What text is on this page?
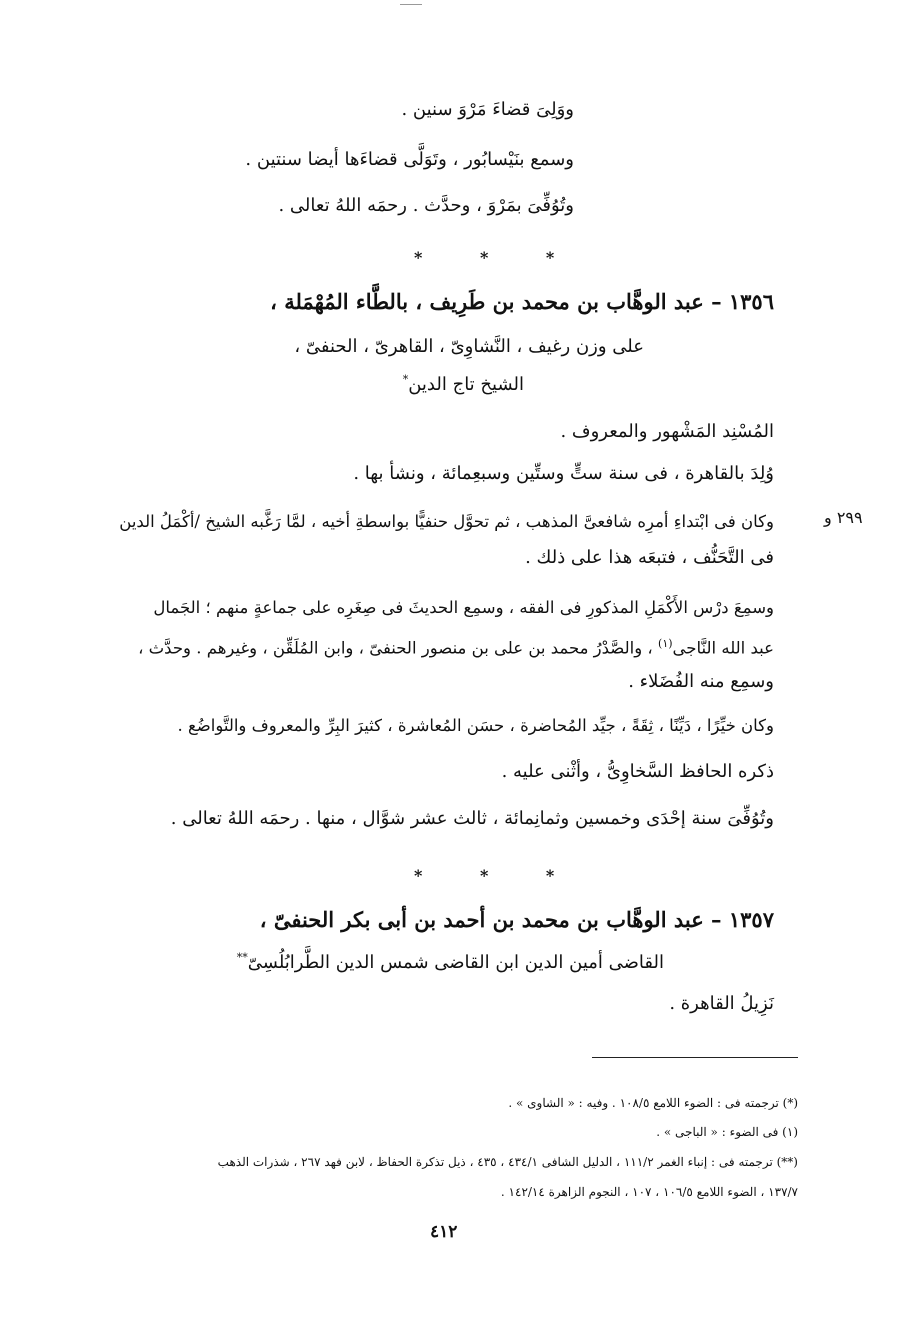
ووَلِىَ قضاءَ مَرْوَ سنين .
وسمع بنَيْسابُور ، وتَوَلَّى قضاءَها أيضا سنتين .
وتُوُفِّىَ بمَرْوَ ، وحدَّث . رحمَه اللهُ تعالى .
* * *
١٣٥٦ – عبد الوهَّاب بن محمد بن طَرِيف ، بالطَّاء المُهْمَلة ،
على وزن رغيف ، النَّشاوِىّ ، القاهرىّ ، الحنفىّ ،
الشيخ تاج الدين*
المُسْنِد المَشْهور والمعروف .
وُلِدَ بالقاهرة ، فى سنة ستٍّ وستِّين وسبعِمائة ، ونشأ بها .
٢٩٩ و
وكان فى ابْتداءِ أمرِه شافعىَّ المذهب ، ثم تحوَّل حنفيًّا بواسطةِ أخيه ، لمَّا رَغَّبه الشيخ /أكْمَلُ الدين
فى التَّحَنُّف ، فتبعَه هذا على ذلك .
وسمِعَ درْس الأَكْمَلِ المذكورِ فى الفقه ، وسمِع الحديثَ فى صِغَرِه على جماعةٍ منهم ؛ الجَمال
عبد الله النَّاجى$^{(١)}$ ، والصَّدْرُ محمد بن على بن منصور الحنفىّ ، وابن المُلَقِّن ، وغيرهم . وحدَّث ،
وسمِع منه الفُضَلاء .
وكان خيِّرًا ، دَيِّنًا ، ثِقَةً ، جيِّد المُحاضرة ، حسَن المُعاشرة ، كثيرَ البِرِّ والمعروف والتَّواضُع .
ذكره الحافظ السَّخاوِىُّ ، وأثْنى عليه .
وتُوُفِّىَ سنة إحْدَى وخمسين وثمانِمائة ، ثالث عشر شوَّال ، منها . رحمَه اللهُ تعالى .
* * *
١٣٥٧ – عبد الوهَّاب بن محمد بن أحمد بن أبى بكر الحنفىّ ،
القاضى أمين الدين ابن القاضى شمس الدين الطَّرابُلُسِىّ**
نَزِيلُ القاهرة .
(*) ترجمته فى : الضوء اللامع ١٠٨/٥ . وفيه : « الشاوى » .
(١) فى الضوء : « الباجى » .
(**) ترجمته فى : إنباء الغمر ١١١/٢ ، الدليل الشافى ٤٣٤/١ ، ٤٣٥ ، ذيل تذكرة الحفاظ ، لابن فهد ٢٦٧ ، شذرات الذهب
١٣٧/٧ ، الضوء اللامع ١٠٦/٥ ، ١٠٧ ، النجوم الزاهرة ١٤٢/١٤ .
٤١٢
